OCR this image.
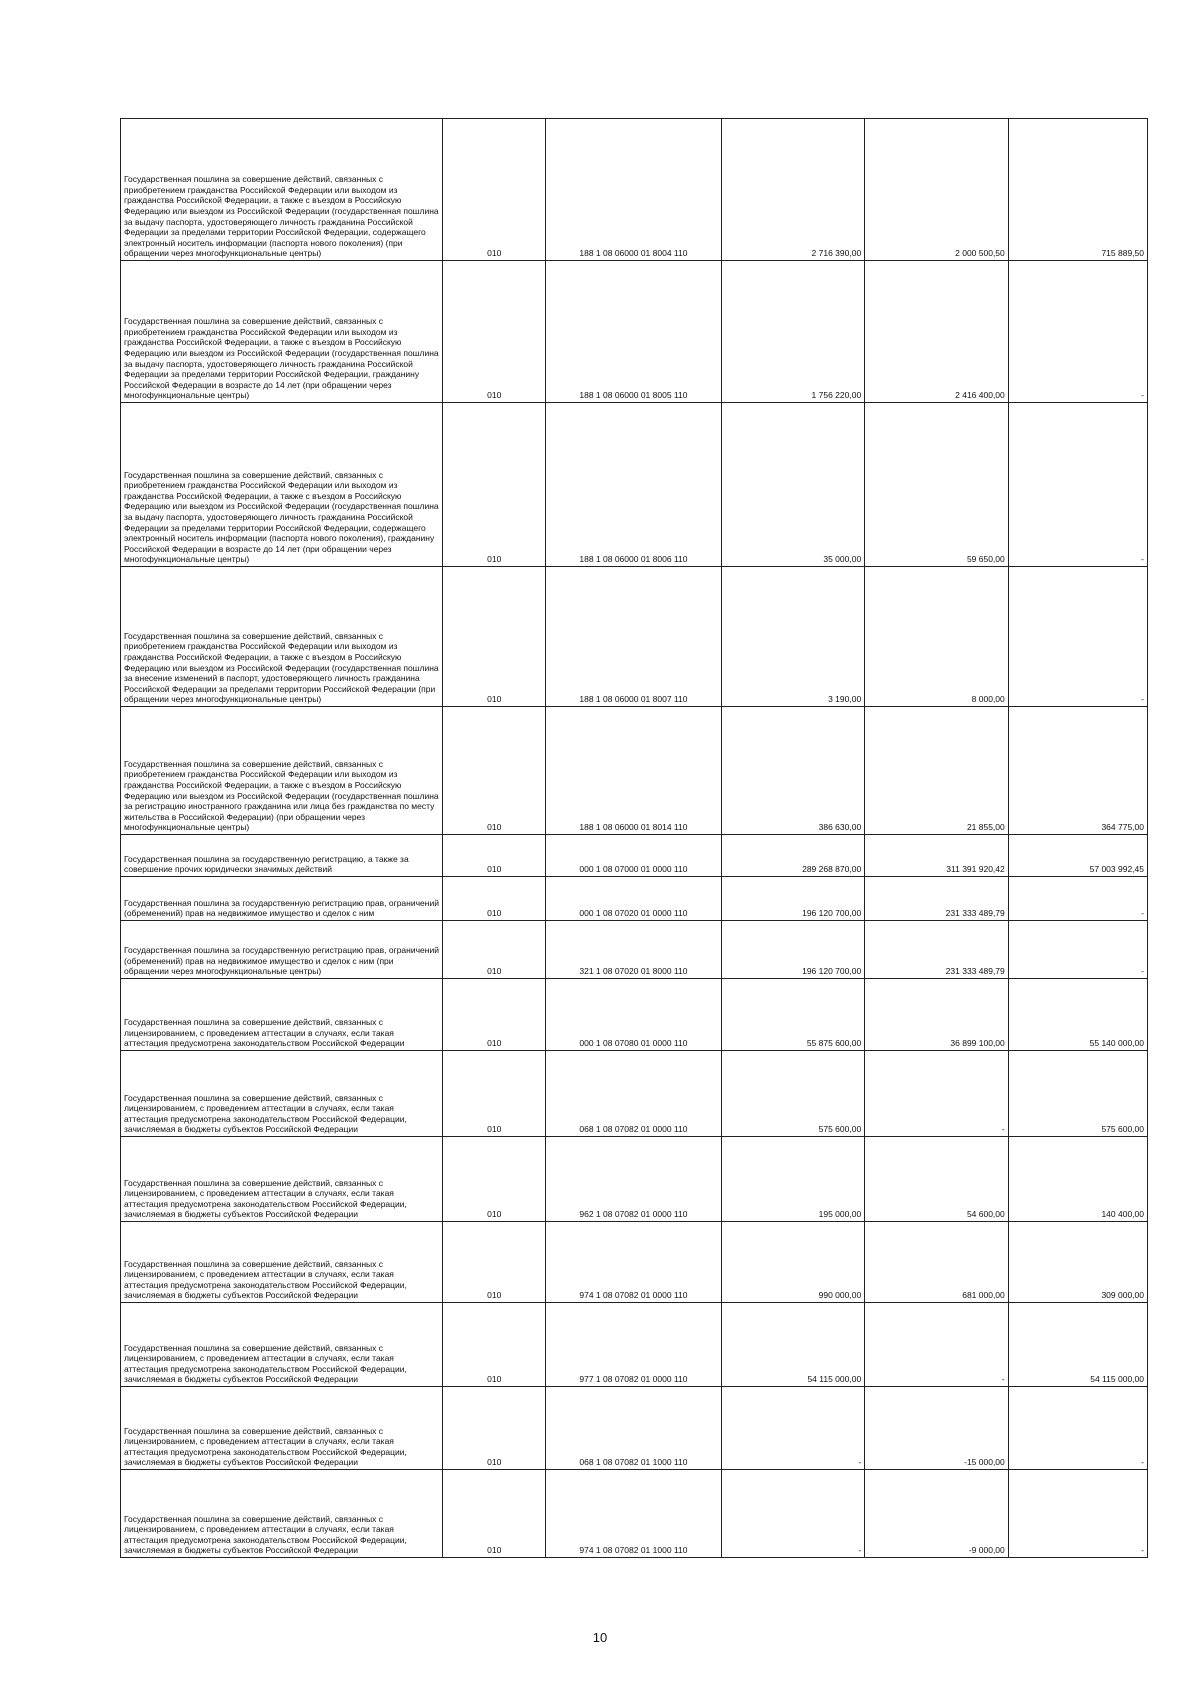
Государственная пошлина за совершение действий, связанных с приобретением гражданства Российской Федерации или выходом из гражданства Российской Федерации, а также с въездом в Российскую Федерацию или выездом из Российской Федерации (государственная пошлина за выдачу паспорта, удостоверяющего личность гражданина Российской Федерации за пределами территории Российской Федерации, содержащего электронный носитель информации (паспорта нового поколения) (при обращении через многофункциональные центры)	010	188 1 08 06000 01 8004 110	2 716 390,00	2 000 500,50	715 889,50
Государственная пошлина за совершение действий, связанных с приобретением гражданства Российской Федерации или выходом из гражданства Российской Федерации, а также с въездом в Российскую Федерацию или выездом из Российской Федерации (государственная пошлина за выдачу паспорта, удостоверяющего личность гражданина Российской Федерации за пределами территории Российской Федерации, гражданину Российской Федерации в возрасте до 14 лет (при обращении через многофункциональные центры)	010	188 1 08 06000 01 8005 110	1 756 220,00	2 416 400,00	-
Государственная пошлина за совершение действий, связанных с приобретением гражданства Российской Федерации или выходом из гражданства Российской Федерации, а также с въездом в Российскую Федерацию или выездом из Российской Федерации (государственная пошлина за выдачу паспорта, удостоверяющего личность гражданина Российской Федерации за пределами территории Российской Федерации, содержащего электронный носитель информации (паспорта нового поколения), гражданину Российской Федерации в возрасте до 14 лет (при обращении через многофункциональные центры)	010	188 1 08 06000 01 8006 110	35 000,00	59 650,00	-
Государственная пошлина за совершение действий, связанных с приобретением гражданства Российской Федерации или выходом из гражданства Российской Федерации, а также с въездом в Российскую Федерацию или выездом из Российской Федерации (государственная пошлина за внесение изменений в паспорт, удостоверяющего личность гражданина Российской Федерации за пределами территории Российской Федерации (при обращении через многофункциональные центры)	010	188 1 08 06000 01 8007 110	3 190,00	8 000,00	-
Государственная пошлина за совершение действий, связанных с приобретением гражданства Российской Федерации или выходом из гражданства Российской Федерации, а также с въездом в Российскую Федерацию или выездом из Российской Федерации (государственная пошлина за регистрацию иностранного гражданина или лица без гражданства по месту жительства в Российской Федерации) (при обращении через многофункциональные центры)	010	188 1 08 06000 01 8014 110	386 630,00	21 855,00	364 775,00
Государственная пошлина за государственную регистрацию, а также за совершение прочих юридически значимых действий	010	000 1 08 07000 01 0000 110	289 268 870,00	311 391 920,42	57 003 992,45
Государственная пошлина за государственную регистрацию прав, ограничений (обременений) прав на недвижимое имущество и сделок с ним	010	000 1 08 07020 01 0000 110	196 120 700,00	231 333 489,79	-
Государственная пошлина за государственную регистрацию прав, ограничений (обременений) прав на недвижимое имущество и сделок с ним (при обращении через многофункциональные центры)	010	321 1 08 07020 01 8000 110	196 120 700,00	231 333 489,79	-
Государственная пошлина за совершение действий, связанных с лицензированием, с проведением аттестации в случаях, если такая аттестация предусмотрена законодательством Российской Федерации	010	000 1 08 07080 01 0000 110	55 875 600,00	36 899 100,00	55 140 000,00
Государственная пошлина за совершение действий, связанных с лицензированием, с проведением аттестации в случаях, если такая аттестация предусмотрена законодательством Российской Федерации, зачисляемая в бюджеты субъектов Российской Федерации	010	068 1 08 07082 01 0000 110	575 600,00	-	575 600,00
Государственная пошлина за совершение действий, связанных с лицензированием, с проведением аттестации в случаях, если такая аттестация предусмотрена законодательством Российской Федерации, зачисляемая в бюджеты субъектов Российской Федерации	010	962 1 08 07082 01 0000 110	195 000,00	54 600,00	140 400,00
Государственная пошлина за совершение действий, связанных с лицензированием, с проведением аттестации в случаях, если такая аттестация предусмотрена законодательством Российской Федерации, зачисляемая в бюджеты субъектов Российской Федерации	010	974 1 08 07082 01 0000 110	990 000,00	681 000,00	309 000,00
Государственная пошлина за совершение действий, связанных с лицензированием, с проведением аттестации в случаях, если такая аттестация предусмотрена законодательством Российской Федерации, зачисляемая в бюджеты субъектов Российской Федерации	010	977 1 08 07082 01 0000 110	54 115 000,00	-	54 115 000,00
Государственная пошлина за совершение действий, связанных с лицензированием, с проведением аттестации в случаях, если такая аттестация предусмотрена законодательством Российской Федерации, зачисляемая в бюджеты субъектов Российской Федерации	010	068 1 08 07082 01 1000 110	-	-15 000,00	-
Государственная пошлина за совершение действий, связанных с лицензированием, с проведением аттестации в случаях, если такая аттестация предусмотрена законодательством Российской Федерации, зачисляемая в бюджеты субъектов Российской Федерации	010	974 1 08 07082 01 1000 110	-	-9 000,00	-
10
